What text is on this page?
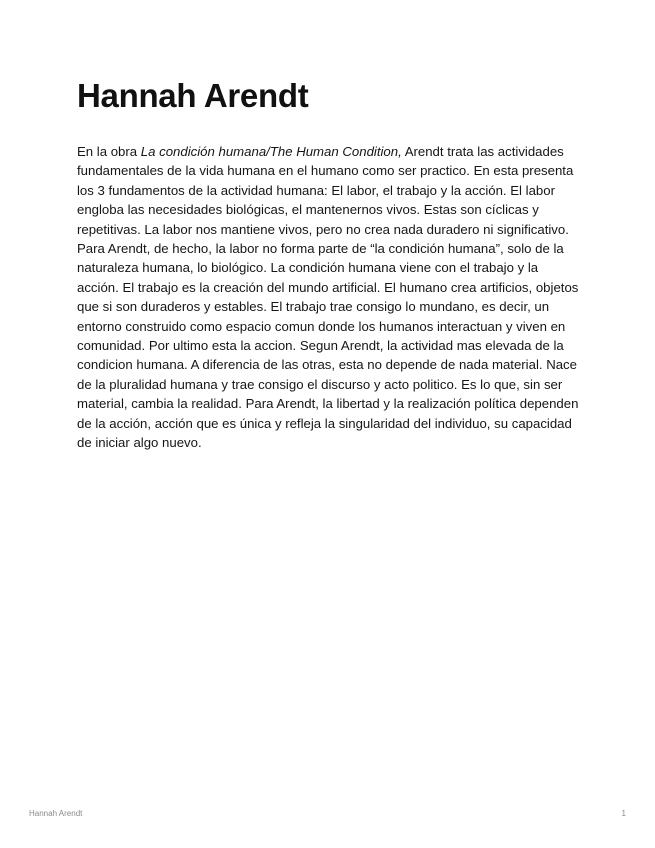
Hannah Arendt

En la obra La condición humana/The Human Condition, Arendt trata las actividades fundamentales de la vida humana en el humano como ser practico. En esta presenta los 3 fundamentos de la actividad humana: El labor, el trabajo y la acción. El labor engloba las necesidades biológicas, el mantenernos vivos. Estas son cíclicas y repetitivas. La labor nos mantiene vivos, pero no crea nada duradero ni significativo. Para Arendt, de hecho, la labor no forma parte de “la condición humana”, solo de la naturaleza humana, lo biológico. La condición humana viene con el trabajo y la acción. El trabajo es la creación del mundo artificial. El humano crea artificios, objetos que si son duraderos y estables. El trabajo trae consigo lo mundano, es decir, un entorno construido como espacio comun donde los humanos interactuan y viven en comunidad. Por ultimo esta la accion. Segun Arendt, la actividad mas elevada de la condicion humana. A diferencia de las otras, esta no depende de nada material. Nace de la pluralidad humana y trae consigo el discurso y acto politico. Es lo que, sin ser material, cambia la realidad. Para Arendt, la libertad y la realización política dependen de la acción, acción que es única y refleja la singularidad del individuo, su capacidad de iniciar algo nuevo.

Hannah Arendt	1
